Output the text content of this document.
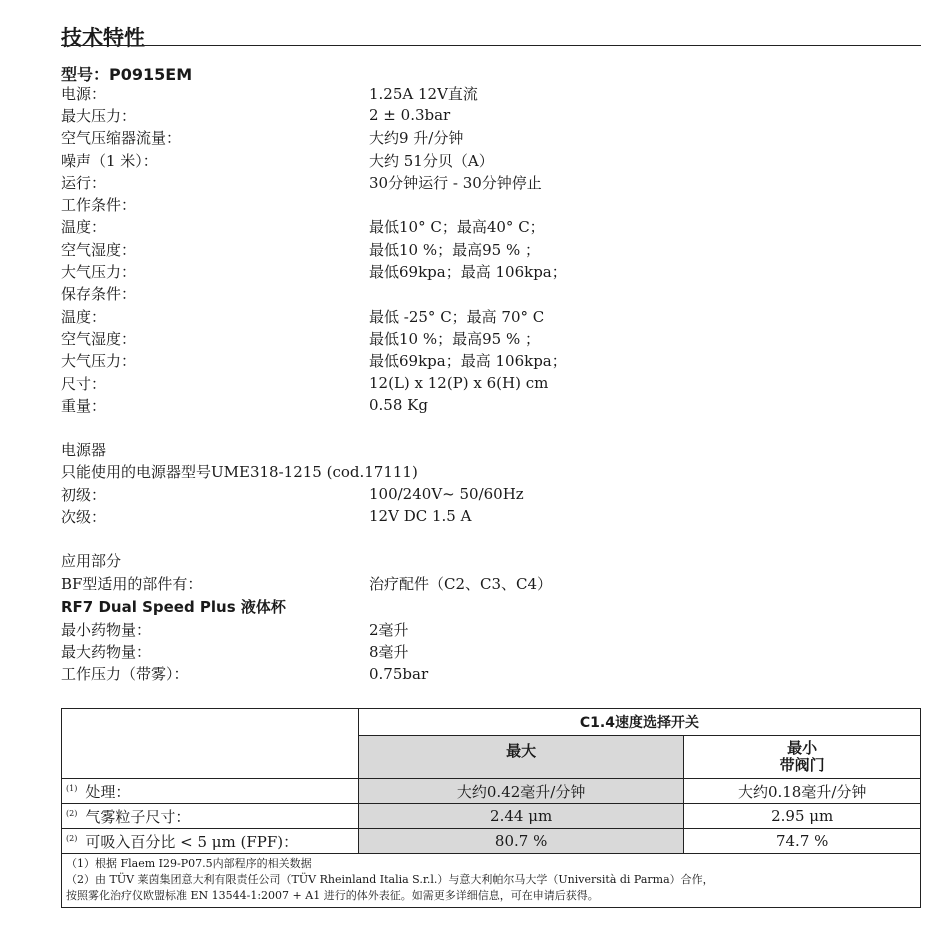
技术特性
型号：P0915EM
电源：	1.25A 12V直流
最大压力：	2 ± 0.3bar
空气压缩器流量：	大约9 升/分钟
噪声（1 米）：	大约 51分贝（A）
运行：	30分钟运行 - 30分钟停止
工作条件：
温度：	最低10° C；最高40° C；
空气湿度：	最低10 %；最高95 % ；
大气压力：	最低69kpa；最高 106kpa；
保存条件：
温度：	最低 -25° C；最高 70° C
空气湿度：	最低10 %；最高95 % ；
大气压力：	最低69kpa；最高 106kpa；
尺寸：	12(L) x 12(P) x 6(H) cm
重量：	0.58 Kg
电源器
只能使用的电源器型号UME318-1215 (cod.17111)
初级：	100/240V~ 50/60Hz
次级：	12V DC 1.5 A
应用部分
BF型适用的部件有：	治疗配件（C2、C3、C4）
RF7 Dual Speed Plus 液体杯
最小药物量：	2毫升
最大药物量：	8毫升
工作压力（带雾）：	0.75bar
	C1.4速度选择开关	
	最大	最小
带阀门

$^{(1)}$ 处理：	大约0.42毫升/分钟	大约0.18毫升/分钟
$^{(2)}$ 气雾粒子尺寸：	2.44 μm	2.95 μm
$^{(2)}$ 可吸入百分比 < 5 μm (FPF)：	80.7 %	74.7 %

（1）根据 Flaem I29-P07.5内部程序的相关数据
（2）由 TÜV 莱茵集团意大利有限责任公司（TÜV Rheinland Italia S.r.l.）与意大利帕尔马大学（Università di Parma）合作，
按照雾化治疗仪欧盟标准 EN 13544-1:2007 + A1 进行的体外表征。如需更多详细信息，可在申请后获得。		
